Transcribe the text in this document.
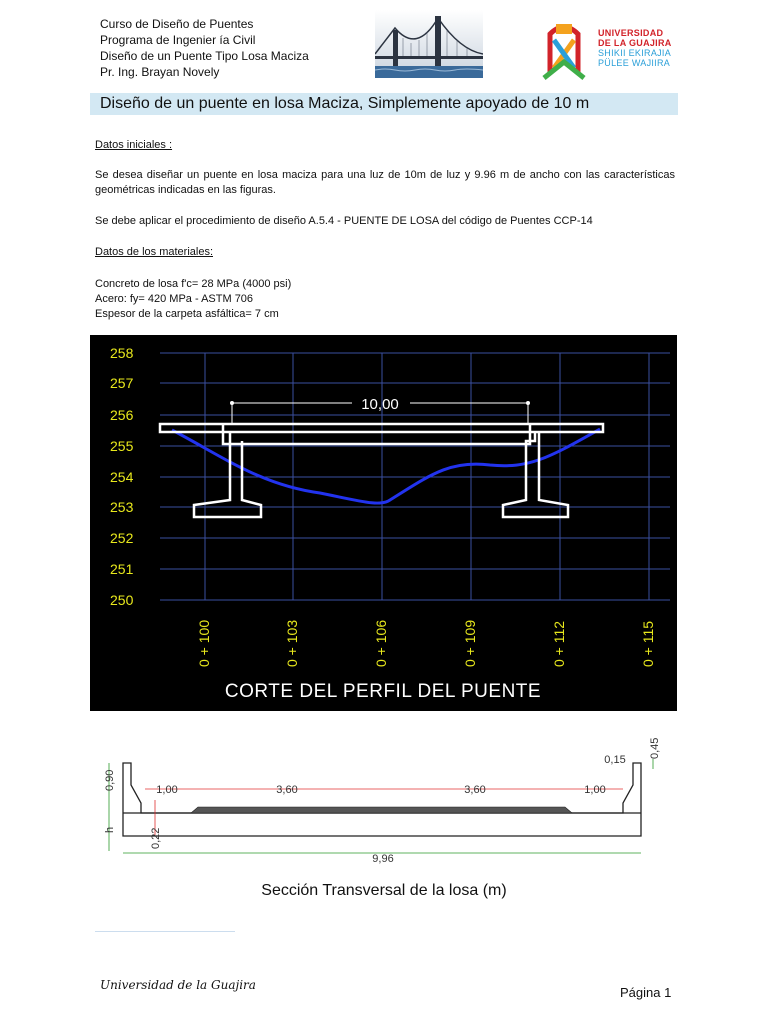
Curso de Diseño de Puentes
Programa de Ingenier ía Civil
Diseño de un Puente Tipo Losa Maciza
Pr. Ing. Brayan Novely
UNIVERSIDAD
DE LA GUAJIRA
SHIKII EKIRAJIA
PÜLEE WAJIIRA
Diseño de un puente en losa Maciza, Simplemente apoyado de 10 m
Datos iniciales :
Se desea diseñar un puente en losa maciza para una luz de 10m de luz y 9.96 m de ancho con las características geométricas indicadas en las figuras.
Se debe aplicar el procedimiento de diseño A.5.4 - PUENTE DE LOSA del código de Puentes CCP-14
Datos de los materiales:
Concreto de losa f'c= 28 MPa (4000 psi)
Acero: fy= 420 MPa - ASTM 706
Espesor de la carpeta asfáltica= 7 cm
258
257
256
255
254
253
252
251
250
0 + 100	0 + 103	0 + 106	0 + 109	0 + 112	0 + 115
10,00
CORTE DEL PERFIL DEL PUENTE
0,90
h	0,22
1,00	3,60	3,60	1,00
0,15
0,45
9,96
Sección Transversal de la losa (m)
Universidad de la Guajira	Página 1
